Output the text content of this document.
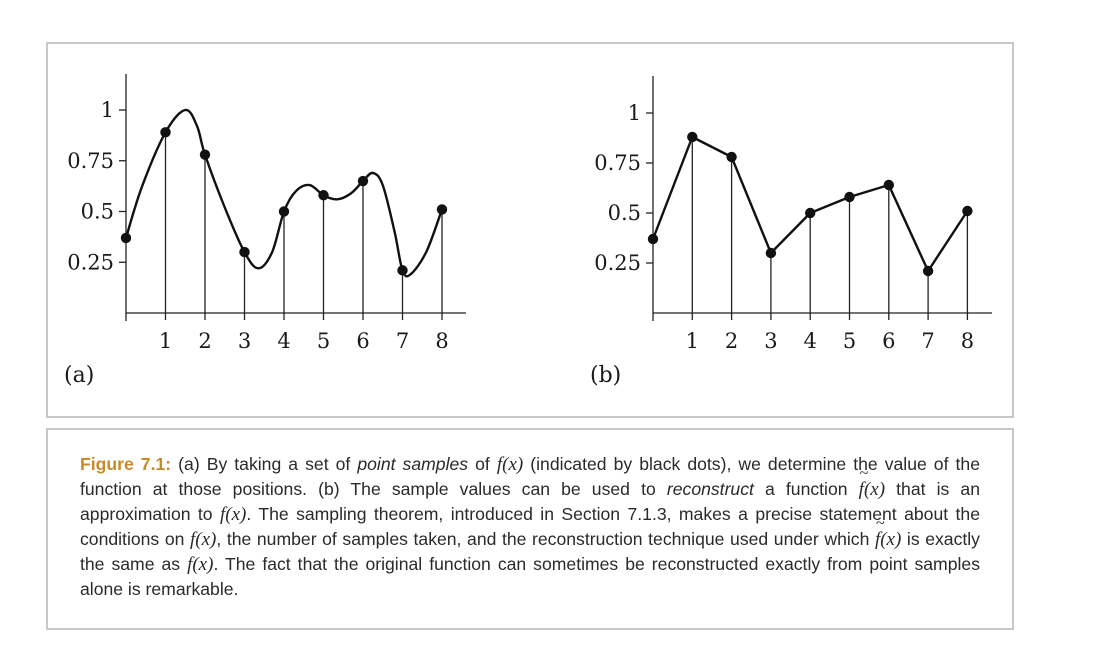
0.25
0.5
0.75
1
1 2 3 4 5 6 7 8
0.25
0.5
0.75
1
1 2 3 4 5 6 7 8
(a)	(b)
Figure 7.1: (a) By taking a set of point samples of f(x) (indicated by black dots), we determine the value of the function at those positions. (b) The sample values can be used to reconstruct a function ~ f(x) that is an approximation to f(x). The sampling theorem, introduced in Section 7.1.3, makes a precise statement about the conditions on f(x), the number of samples taken, and the reconstruction technique used under which ~ f(x) is exactly the same as f(x). The fact that the original function can sometimes be reconstructed exactly from point samples alone is remarkable.
